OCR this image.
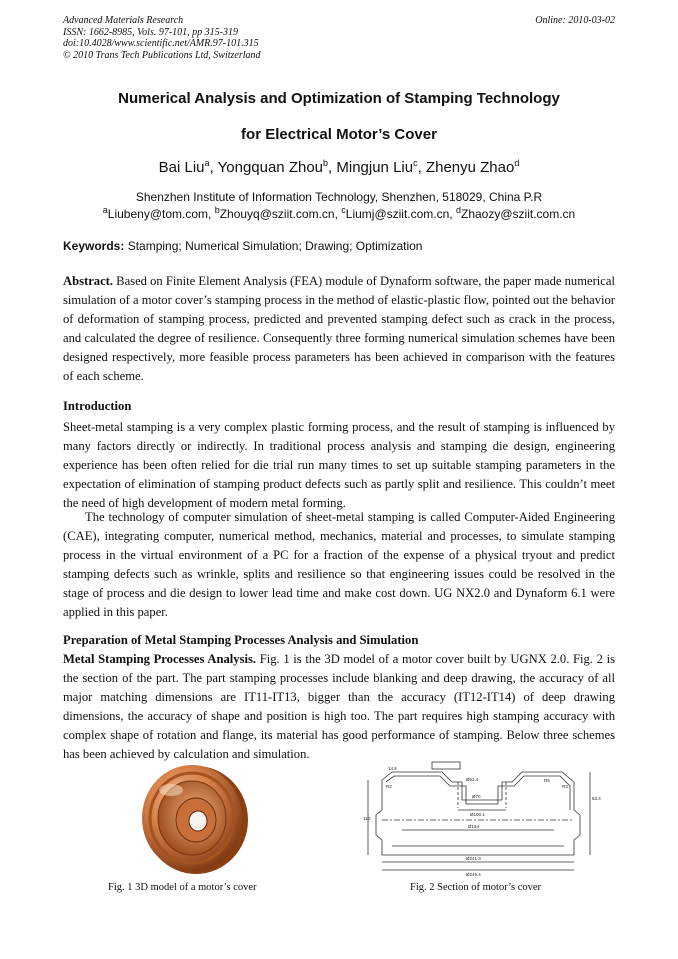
Advanced Materials Research
ISSN: 1662-8985, Vols. 97-101, pp 315-319
doi:10.4028/www.scientific.net/AMR.97-101.315
© 2010 Trans Tech Publications Ltd, Switzerland
Online: 2010-03-02
Numerical Analysis and Optimization of Stamping Technology
for Electrical Motor’s Cover
Bai Liu$^a$, Yongquan Zhou$^b$, Mingjun Liu$^c$, Zhenyu Zhao$^d$
Shenzhen Institute of Information Technology, Shenzhen, 518029, China P.R
$^a$Liubeny@tom.com, $^b$Zhouyq@sziit.com.cn, $^c$Liumj@sziit.com.cn, $^d$Zhaozy@sziit.com.cn
Keywords: Stamping; Numerical Simulation; Drawing; Optimization
Abstract. Based on Finite Element Analysis (FEA) module of Dynaform software, the paper made numerical simulation of a motor cover’s stamping process in the method of elastic-plastic flow, pointed out the behavior of deformation of stamping process, predicted and prevented stamping defect such as crack in the process, and calculated the degree of resilience. Consequently three forming numerical simulation schemes have been designed respectively, more feasible process parameters has been achieved in comparison with the features of each scheme.
Introduction
Sheet-metal stamping is a very complex plastic forming process, and the result of stamping is influenced by many factors directly or indirectly. In traditional process analysis and stamping die design, engineering experience has been often relied for die trial run many times to set up suitable stamping parameters in the expectation of elimination of stamping product defects such as partly split and resilience. This couldn’t meet the need of high development of modern metal forming.
The technology of computer simulation of sheet-metal stamping is called Computer-Aided Engineering (CAE), integrating computer, numerical method, mechanics, material and processes, to simulate stamping process in the virtual environment of a PC for a fraction of the expense of a physical tryout and predict stamping defects such as wrinkle, splits and resilience so that engineering issues could be resolved in the stage of process and die design to lower lead time and make cost down. UG NX2.0 and Dynaform 6.1 were applied in this paper.
Preparation of Metal Stamping Processes Analysis and Simulation
Metal Stamping Processes Analysis. Fig. 1 is the 3D model of a motor cover built by UGNX 2.0. Fig. 2 is the section of the part. The part stamping processes include blanking and deep drawing, the accuracy of all major matching dimensions are IT11-IT13, bigger than the accuracy (IT12-IT14) of deep drawing dimensions, the accuracy of shape and position is high too. The part requires high stamping accuracy with complex shape of rotation and flange, its material has good performance of stamping. Below three schemes has been achieved by calculation and simulation.
Ø51.4
Ø70
Ø100.1
Ø164
Ø241.3
Ø249.4
R3
R5
R2
14.5
83.4
110
Fig. 1 3D model of a motor’s cover	Fig. 2 Section of motor’s cover
